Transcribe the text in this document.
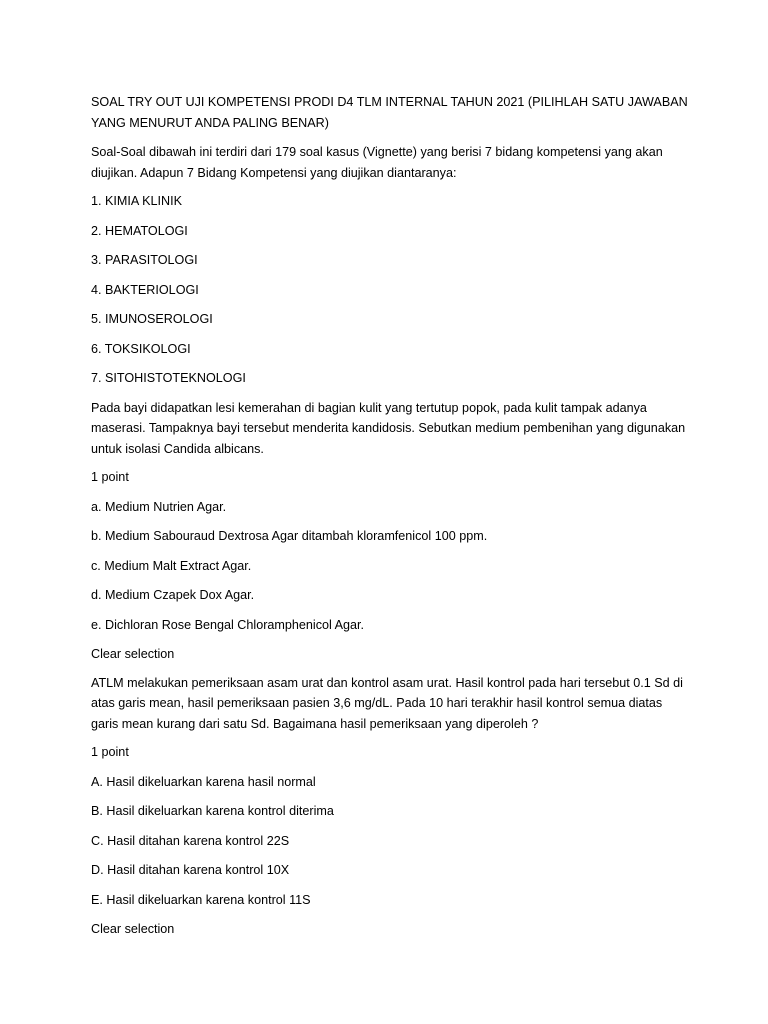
SOAL TRY OUT UJI KOMPETENSI PRODI D4 TLM INTERNAL TAHUN 2021 (PILIHLAH SATU JAWABAN YANG MENURUT ANDA PALING BENAR)

Soal-Soal dibawah ini terdiri dari 179 soal kasus (Vignette) yang berisi 7 bidang kompetensi yang akan diujikan. Adapun 7 Bidang Kompetensi yang diujikan diantaranya:

1. KIMIA KLINIK

2. HEMATOLOGI

3. PARASITOLOGI

4. BAKTERIOLOGI

5. IMUNOSEROLOGI

6. TOKSIKOLOGI

7. SITOHISTOTEKNOLOGI

Pada bayi didapatkan lesi kemerahan di bagian kulit yang tertutup popok, pada kulit tampak adanya maserasi. Tampaknya bayi tersebut menderita kandidosis. Sebutkan medium pembenihan yang digunakan untuk isolasi Candida albicans.

1 point

a. Medium Nutrien Agar.

b. Medium Sabouraud Dextrosa Agar ditambah kloramfenicol 100 ppm.

c. Medium Malt Extract Agar.

d. Medium Czapek Dox Agar.

e. Dichloran Rose Bengal Chloramphenicol Agar.

Clear selection

ATLM melakukan pemeriksaan asam urat dan kontrol asam urat. Hasil kontrol pada hari tersebut 0.1 Sd di atas garis mean, hasil pemeriksaan pasien 3,6 mg/dL. Pada 10 hari terakhir hasil kontrol semua diatas garis mean kurang dari satu Sd. Bagaimana hasil pemeriksaan yang diperoleh ?

1 point

A. Hasil dikeluarkan karena hasil normal

B. Hasil dikeluarkan karena kontrol diterima

C. Hasil ditahan karena kontrol 22S

D. Hasil ditahan karena kontrol 10X

E. Hasil dikeluarkan karena kontrol 11S

Clear selection
